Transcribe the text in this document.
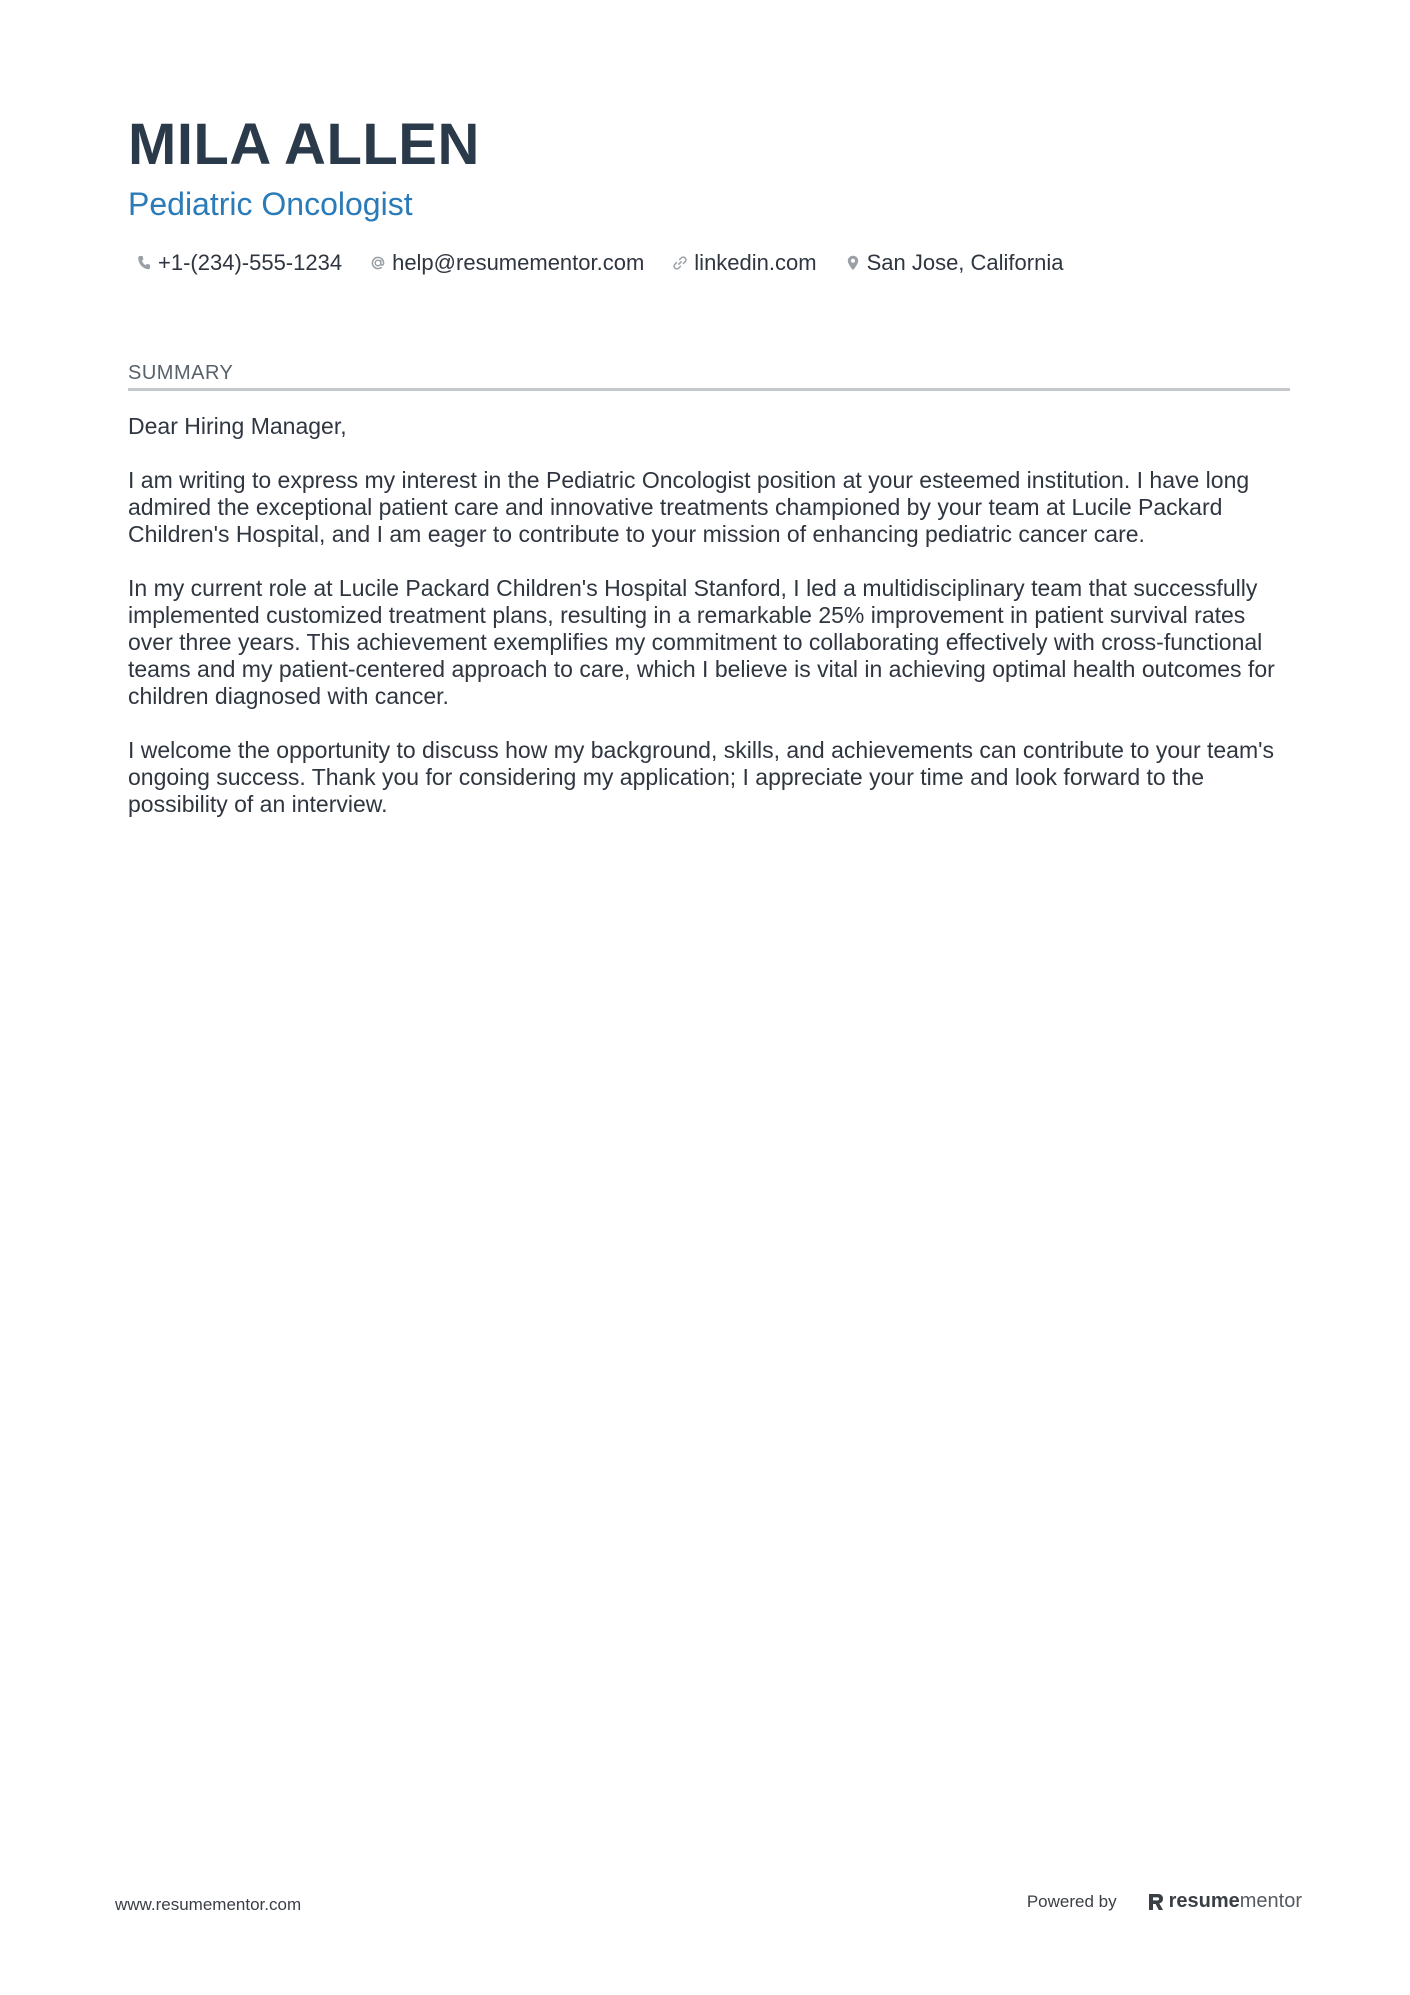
MILA ALLEN
Pediatric Oncologist
+1-(234)-555-1234 help@resumementor.com linkedin.com San Jose, California
SUMMARY

Dear Hiring Manager,

I am writing to express my interest in the Pediatric Oncologist position at your esteemed institution. I have long admired the exceptional patient care and innovative treatments championed by your team at Lucile Packard Children's Hospital, and I am eager to contribute to your mission of enhancing pediatric cancer care.

In my current role at Lucile Packard Children's Hospital Stanford, I led a multidisciplinary team that successfully implemented customized treatment plans, resulting in a remarkable 25% improvement in patient survival rates over three years. This achievement exemplifies my commitment to collaborating effectively with cross-functional teams and my patient-centered approach to care, which I believe is vital in achieving optimal health outcomes for children diagnosed with cancer.

I welcome the opportunity to discuss how my background, skills, and achievements can contribute to your team's ongoing success. Thank you for considering my application; I appreciate your time and look forward to the possibility of an interview.

www.resumementor.com	Powered by	resume mentor
